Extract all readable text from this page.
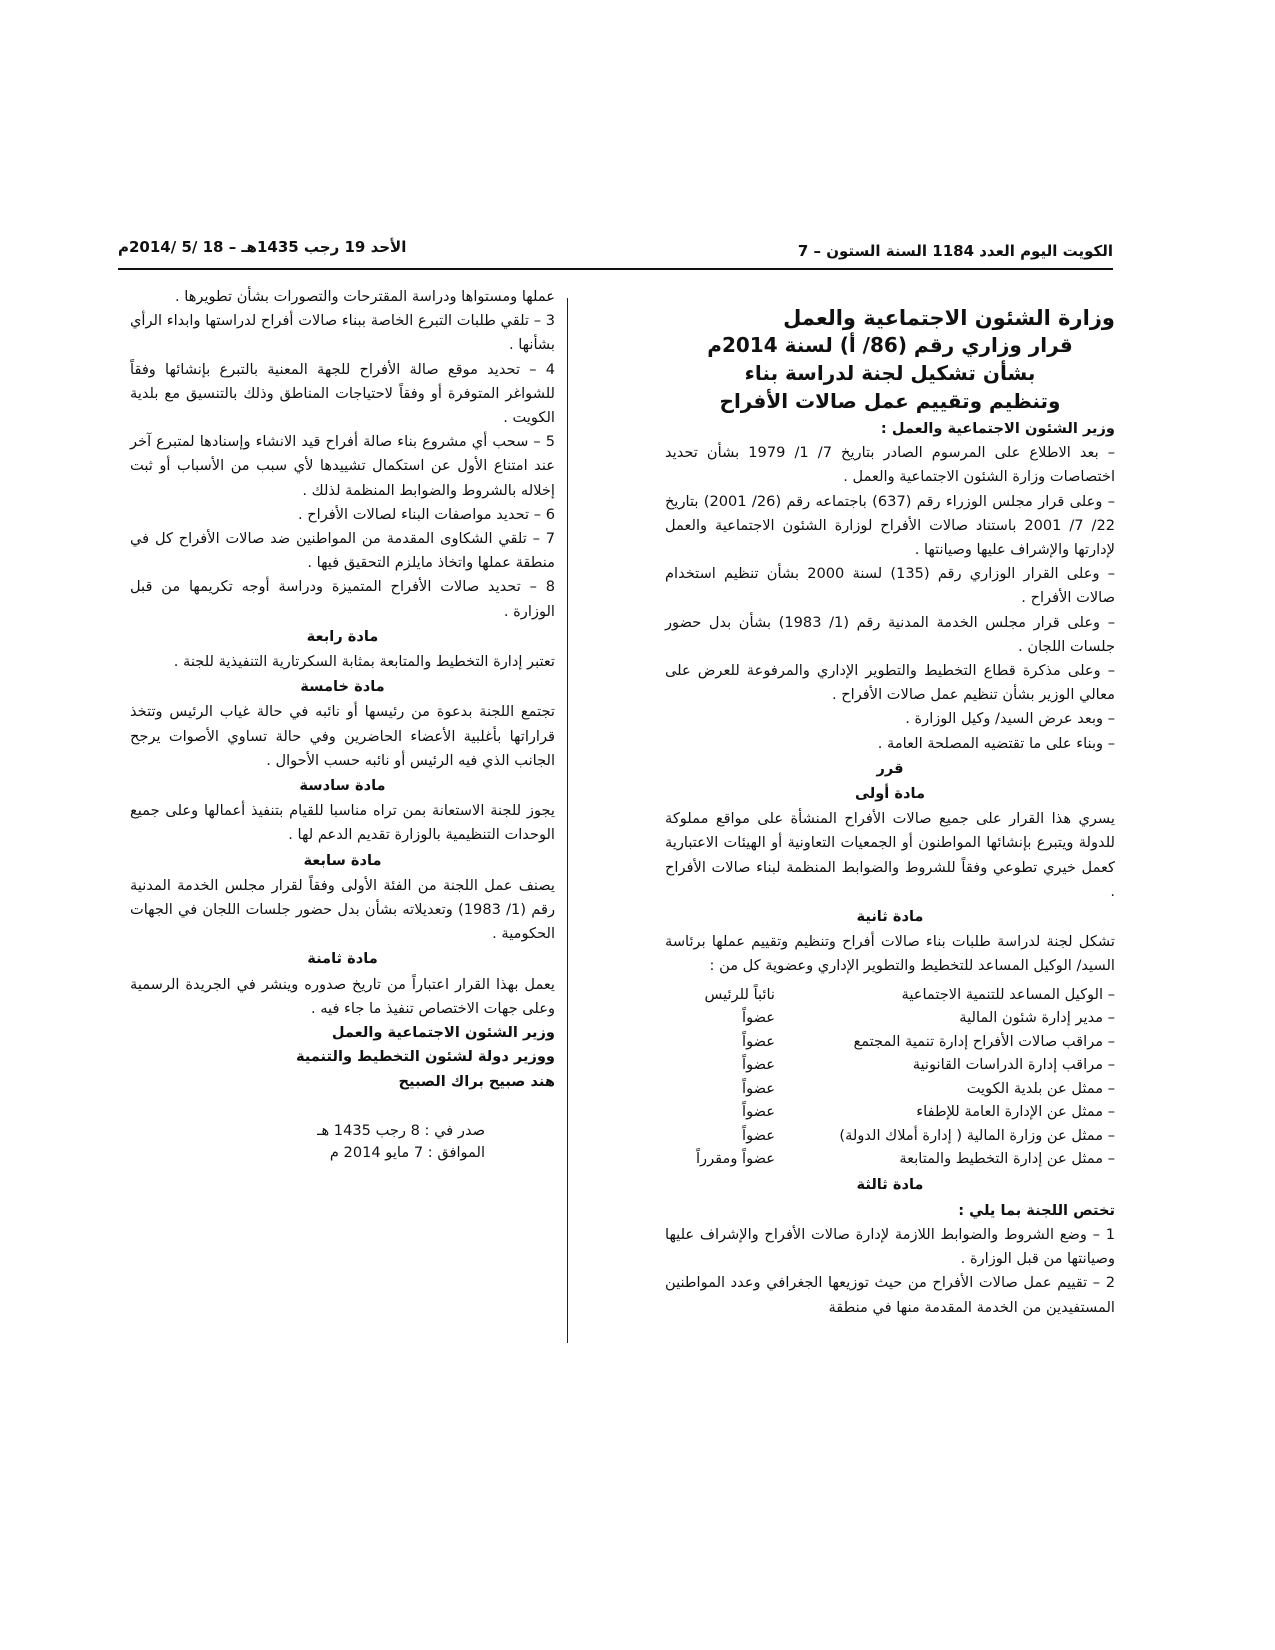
الكويت اليوم العدد 1184 السنة الستون – 7
الأحد 19 رجب 1435هـ – 18 /5 /2014م

وزارة الشئون الاجتماعية والعمل

قرار وزاري رقم (86/ أ) لسنة 2014م

بشأن تشكيل لجنة لدراسة بناء

وتنظيم وتقييم عمل صالات الأفراح

وزير الشئون الاجتماعية والعمل :

– بعد الاطلاع على المرسوم الصادر بتاريخ 7/ 1/ 1979 بشأن تحديد اختصاصات وزارة الشئون الاجتماعية والعمل .

– وعلى قرار مجلس الوزراء رقم (637) باجتماعه رقم (26/ 2001) بتاريخ 22/ 7/ 2001 باستناد صالات الأفراح لوزارة الشئون الاجتماعية والعمل لإدارتها والإشراف عليها وصيانتها .

– وعلى القرار الوزاري رقم (135) لسنة 2000 بشأن تنظيم استخدام صالات الأفراح .

– وعلى قرار مجلس الخدمة المدنية رقم (1/ 1983) بشأن بدل حضور جلسات اللجان .

– وعلى مذكرة قطاع التخطيط والتطوير الإداري والمرفوعة للعرض على معالي الوزير بشأن تنظيم عمل صالات الأفراح .

– وبعد عرض السيد/ وكيل الوزارة .

– وبناء على ما تقتضيه المصلحة العامة .

قرر

مادة أولى

يسري هذا القرار على جميع صالات الأفراح المنشأة على مواقع مملوكة للدولة ويتبرع بإنشائها المواطنون أو الجمعيات التعاونية أو الهيئات الاعتبارية كعمل خيري تطوعي وفقاً للشروط والضوابط المنظمة لبناء صالات الأفراح .

مادة ثانية

تشكل لجنة لدراسة طلبات بناء صالات أفراح وتنظيم وتقييم عملها برئاسة السيد/ الوكيل المساعد للتخطيط والتطوير الإداري وعضوية كل من :

– الوكيل المساعد للتنمية الاجتماعية
نائباً للرئيس
– مدير إدارة شئون المالية
عضواً
– مراقب صالات الأفراح إدارة تنمية المجتمع
عضواً
– مراقب إدارة الدراسات القانونية
عضواً
– ممثل عن بلدية الكويت
عضواً
– ممثل عن الإدارة العامة للإطفاء
عضواً
– ممثل عن وزارة المالية ( إدارة أملاك الدولة)
عضواً
– ممثل عن إدارة التخطيط والمتابعة
عضواً ومقرراً

مادة ثالثة

تختص اللجنة بما يلي :

1 – وضع الشروط والضوابط اللازمة لإدارة صالات الأفراح والإشراف عليها وصيانتها من قبل الوزارة .

2 – تقييم عمل صالات الأفراح من حيث توزيعها الجغرافي وعدد المواطنين المستفيدين من الخدمة المقدمة منها في منطقة

عملها ومستواها ودراسة المقترحات والتصورات بشأن تطويرها .

3 – تلقي طلبات التبرع الخاصة ببناء صالات أفراح لدراستها وابداء الرأي بشأنها .

4 – تحديد موقع صالة الأفراح للجهة المعنية بالتبرع بإنشائها وفقاً للشواغر المتوفرة أو وفقاً لاحتياجات المناطق وذلك بالتنسيق مع بلدية الكويت .

5 – سحب أي مشروع بناء صالة أفراح قيد الانشاء وإسنادها لمتبرع آخر عند امتناع الأول عن استكمال تشييدها لأي سبب من الأسباب أو ثبت إخلاله بالشروط والضوابط المنظمة لذلك .

6 – تحديد مواصفات البناء لصالات الأفراح .

7 – تلقي الشكاوى المقدمة من المواطنين ضد صالات الأفراح كل في منطقة عملها واتخاذ مايلزم التحقيق فيها .

8 – تحديد صالات الأفراح المتميزة ودراسة أوجه تكريمها من قبل الوزارة .

مادة رابعة

تعتبر إدارة التخطيط والمتابعة بمثابة السكرتارية التنفيذية للجنة .

مادة خامسة

تجتمع اللجنة بدعوة من رئيسها أو نائبه في حالة غياب الرئيس وتتخذ قراراتها بأغلبية الأعضاء الحاضرين وفي حالة تساوي الأصوات يرجح الجانب الذي فيه الرئيس أو نائبه حسب الأحوال .

مادة سادسة

يجوز للجنة الاستعانة بمن تراه مناسبا للقيام بتنفيذ أعمالها وعلى جميع الوحدات التنظيمية بالوزارة تقديم الدعم لها .

مادة سابعة

يصنف عمل اللجنة من الفئة الأولى وفقاً لقرار مجلس الخدمة المدنية رقم (1/ 1983) وتعديلاته بشأن بدل حضور جلسات اللجان في الجهات الحكومية .

مادة ثامنة

يعمل بهذا القرار اعتباراً من تاريخ صدوره وينشر في الجريدة الرسمية وعلى جهات الاختصاص تنفيذ ما جاء فيه .

وزير الشئون الاجتماعية والعمل

ووزير دولة لشئون التخطيط والتنمية

هند صبيح براك الصبيح

صدر في : 8 رجب 1435 هـ
الموافق : 7 مايو 2014 م
